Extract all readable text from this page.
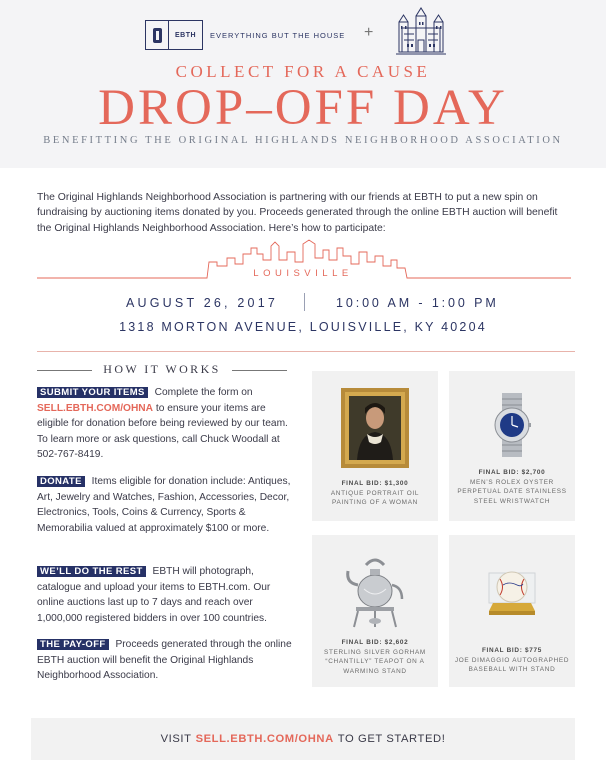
EBTH	EVERYTHING BUT THE HOUSE +
COLLECT FOR A CAUSE
DROP–OFF DAY
BENEFITTING THE ORIGINAL HIGHLANDS NEIGHBORHOOD ASSOCIATION

The Original Highlands Neighborhood Association is partnering with our friends at EBTH to put a new spin on fundraising by auctioning items donated by you. Proceeds generated through the online EBTH auction will benefit the Original Highlands Neighborhood Association. Here’s how to participate:

LOUISVILLE
AUGUST 26, 2017	10:00 AM - 1:00 PM
1318 MORTON AVENUE, LOUISVILLE, KY 40204
HOW IT WORKS
SUBMIT YOUR ITEMS Complete the form on SELL.EBTH.COM/OHNA to ensure your items are eligible for donation before being reviewed by our team. To learn more or ask questions, call Chuck Woodall at 502-767-8419.
DONATE Items eligible for donation include: Antiques, Art, Jewelry and Watches, Fashion, Accessories, Decor, Electronics, Tools, Coins & Currency, Sports & Memorabilia valued at approximately $100 or more.
WE’LL DO THE REST EBTH will photograph, catalogue and upload your items to EBTH.com. Our online auctions last up to 7 days and reach over 1,000,000 registered bidders in over 100 countries.
THE PAY-OFF Proceeds generated through the online EBTH auction will benefit the Original Highlands Neighborhood Association.
FINAL BID: $1,300
ANTIQUE PORTRAIT OIL
PAINTING OF A WOMAN
FINAL BID: $2,700
MEN’S ROLEX OYSTER
PERPETUAL DATE STAINLESS
STEEL WRISTWATCH
FINAL BID: $2,602
STERLING SILVER GORHAM
“CHANTILLY” TEAPOT ON A
WARMING STAND
FINAL BID: $775
JOE DIMAGGIO AUTOGRAPHED
BASEBALL WITH STAND
VISIT SELL.EBTH.COM/OHNA TO GET STARTED!
